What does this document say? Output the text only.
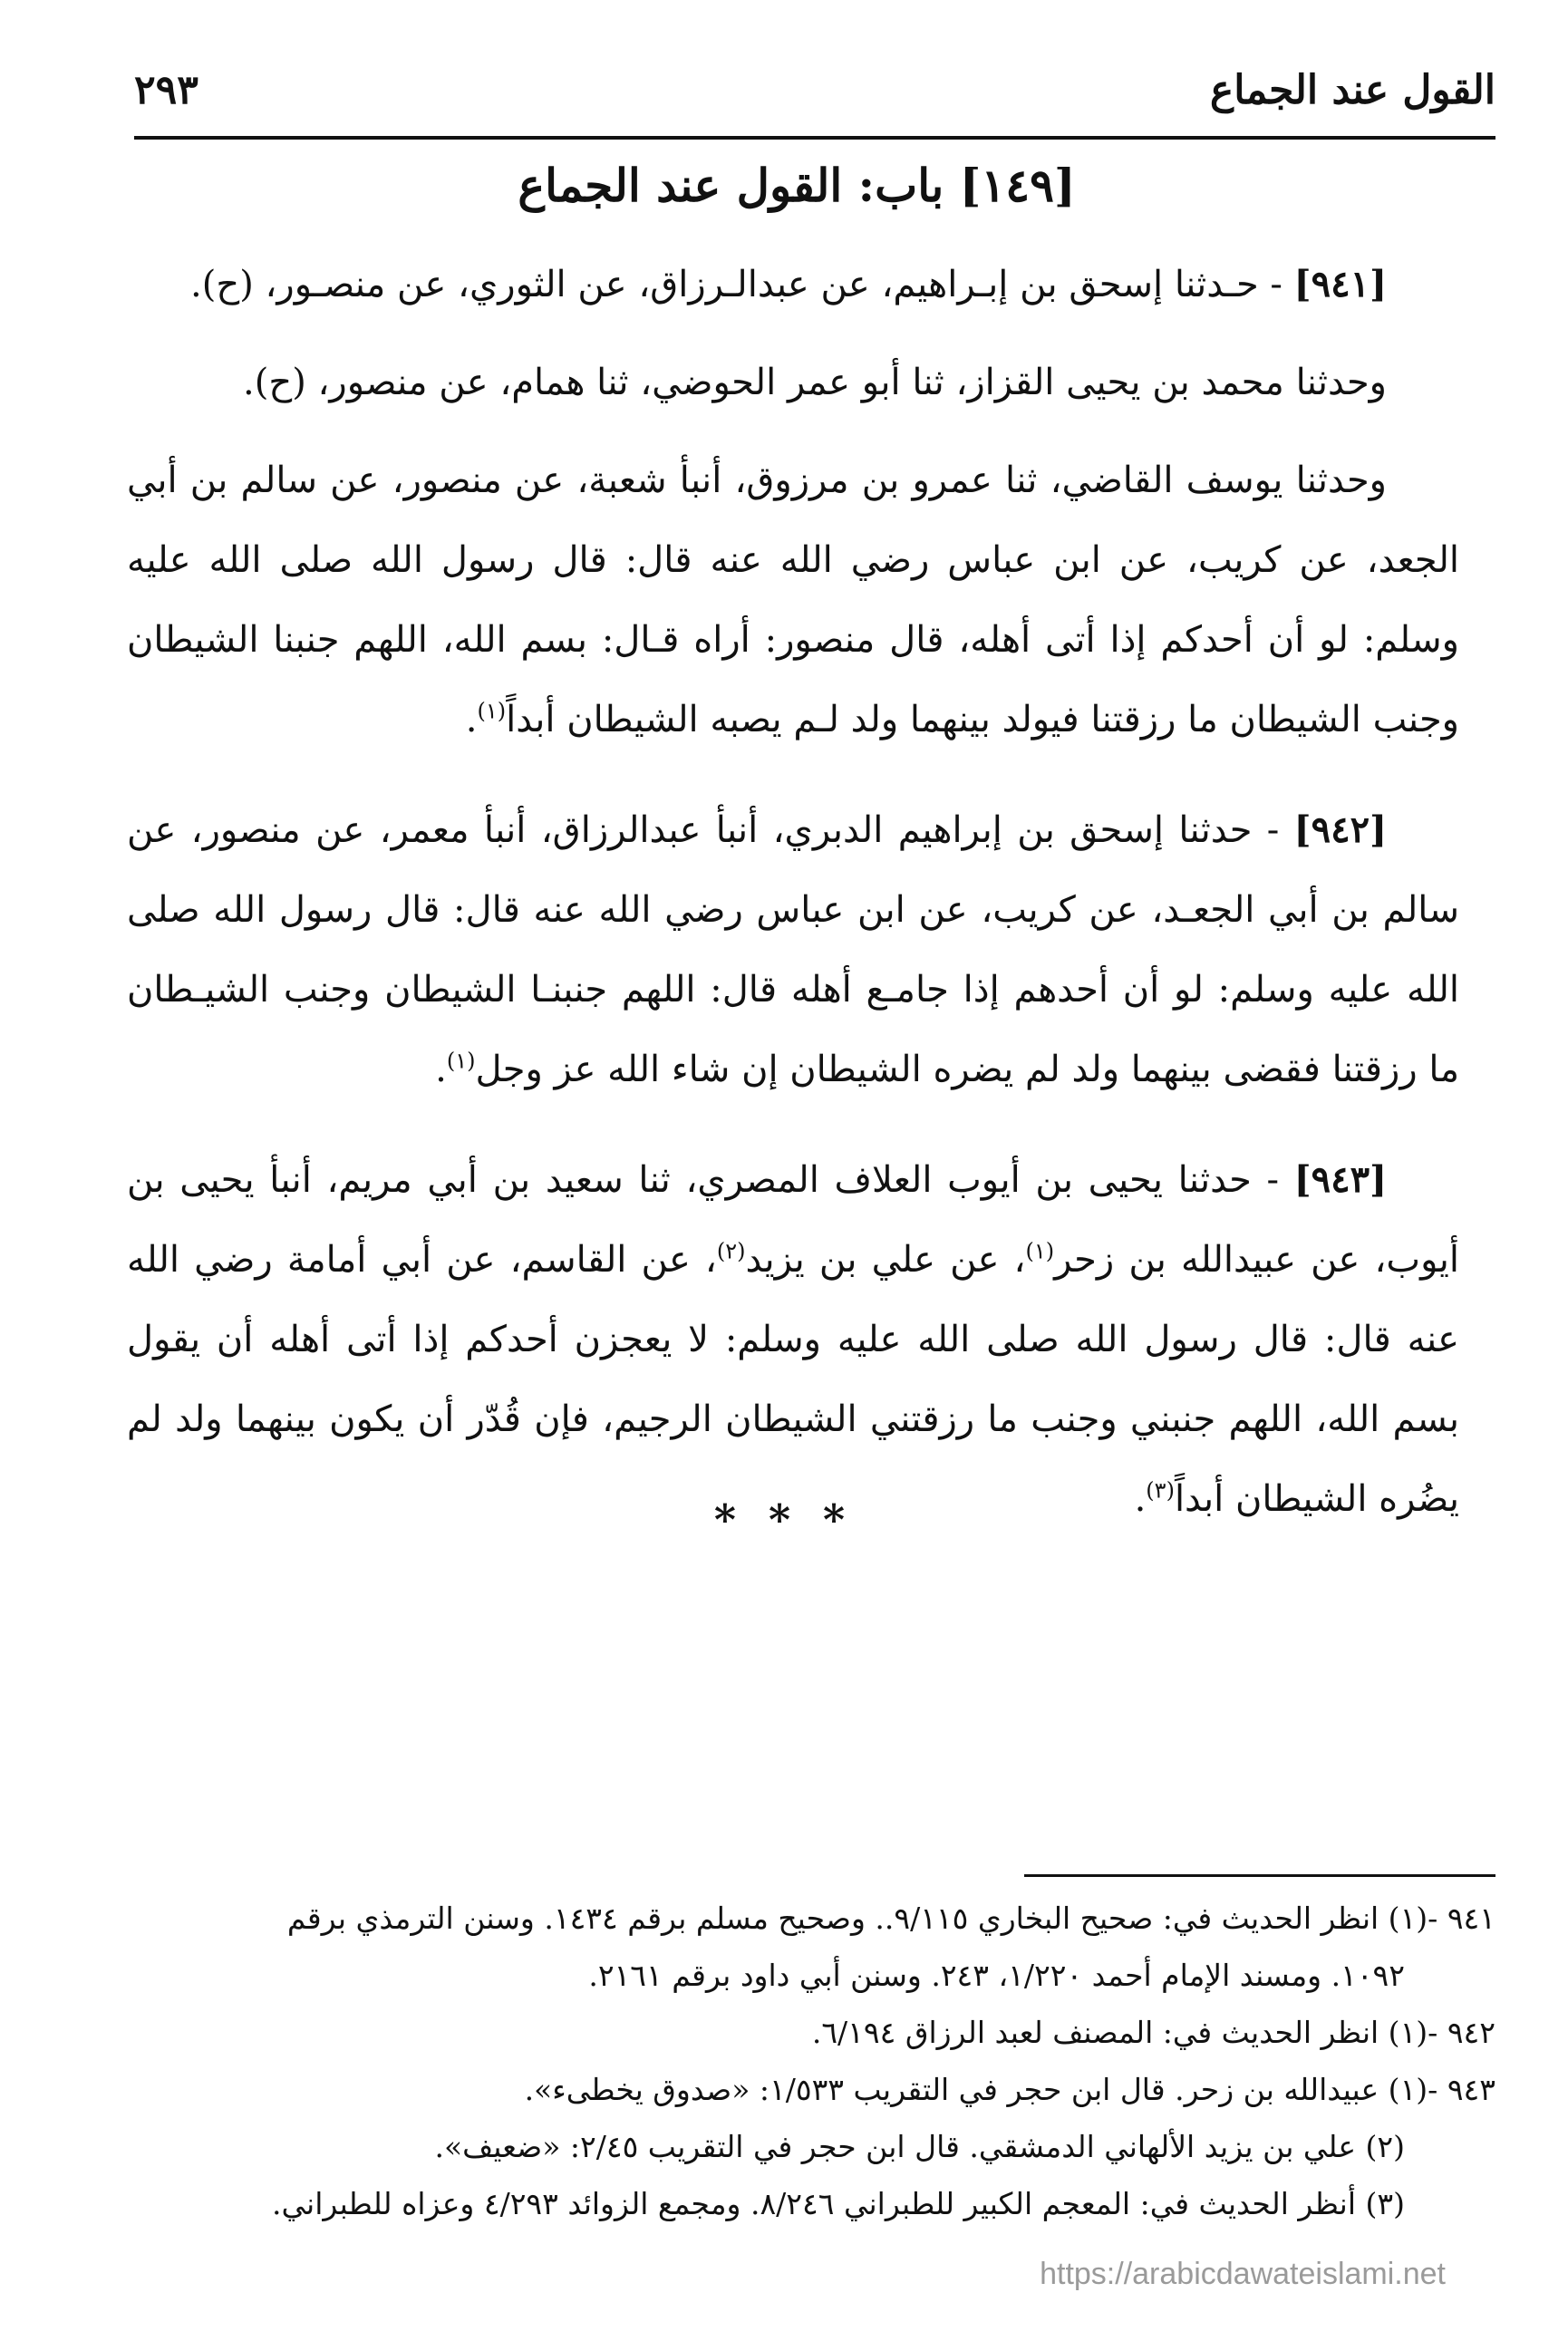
القول عند الجماع
٢٩٣
[١٤٩] باب: القول عند الجماع

[٩٤١] - حـدثنا إسحق بن إبـراهيم، عن عبدالـرزاق، عن الثوري، عن منصـور، (ح).

وحدثنا محمد بن يحيى القزاز، ثنا أبو عمر الحوضي، ثنا همام، عن منصور، (ح).

وحدثنا يوسف القاضي، ثنا عمرو بن مرزوق، أنبأ شعبة، عن منصور، عن سالم بن أبي الجعد، عن كريب، عن ابن عباس رضي الله عنه قال: قال رسول الله صلى الله عليه وسلم: لو أن أحدكم إذا أتى أهله، قال منصور: أراه قـال: بسم الله، اللهم جنبنا الشيطان وجنب الشيطان ما رزقتنا فيولد بينهما ولد لـم يصبه الشيطان أبداً$^{(١)}$.

[٩٤٢] - حدثنا إسحق بن إبراهيم الدبري، أنبأ عبدالرزاق، أنبأ معمر، عن منصور، عن سالم بن أبي الجعـد، عن كريب، عن ابن عباس رضي الله عنه قال: قال رسول الله صلى الله عليه وسلم: لو أن أحدهم إذا جامـع أهله قال: اللهم جنبنـا الشيطان وجنب الشيـطان ما رزقتنا فقضى بينهما ولد لم يضره الشيطان إن شاء الله عز وجل$^{(١)}$.

[٩٤٣] - حدثنا يحيى بن أيوب العلاف المصري، ثنا سعيد بن أبي مريم، أنبأ يحيى بن أيوب، عن عبيدالله بن زحر$^{(١)}$، عن علي بن يزيد$^{(٢)}$، عن القاسم، عن أبي أمامة رضي الله عنه قال: قال رسول الله صلى الله عليه وسلم: لا يعجزن أحدكم إذا أتى أهله أن يقول بسم الله، اللهم جنبني وجنب ما رزقتني الشيطان الرجيم، فإن قُدّر أن يكون بينهما ولد لم يضُره الشيطان أبداً$^{(٣)}$.

* * *
٩٤١ -(١) انظر الحديث في: صحيح البخاري ٩/١١٥.. وصحيح مسلم برقم ١٤٣٤. وسنن الترمذي برقم
١٠٩٢. ومسند الإمام أحمد ١/٢٢٠، ٢٤٣. وسنن أبي داود برقم ٢١٦١.
٩٤٢ -(١) انظر الحديث في: المصنف لعبد الرزاق ٦/١٩٤.
٩٤٣ -(١) عبيدالله بن زحر. قال ابن حجر في التقريب ١/٥٣٣: «صدوق يخطىء».
(٢) علي بن يزيد الألهاني الدمشقي. قال ابن حجر في التقريب ٢/٤٥: «ضعيف».
(٣) أنظر الحديث في: المعجم الكبير للطبراني ٨/٢٤٦. ومجمع الزوائد ٤/٢٩٣ وعزاه للطبراني.
https://arabicdawateislami.net
